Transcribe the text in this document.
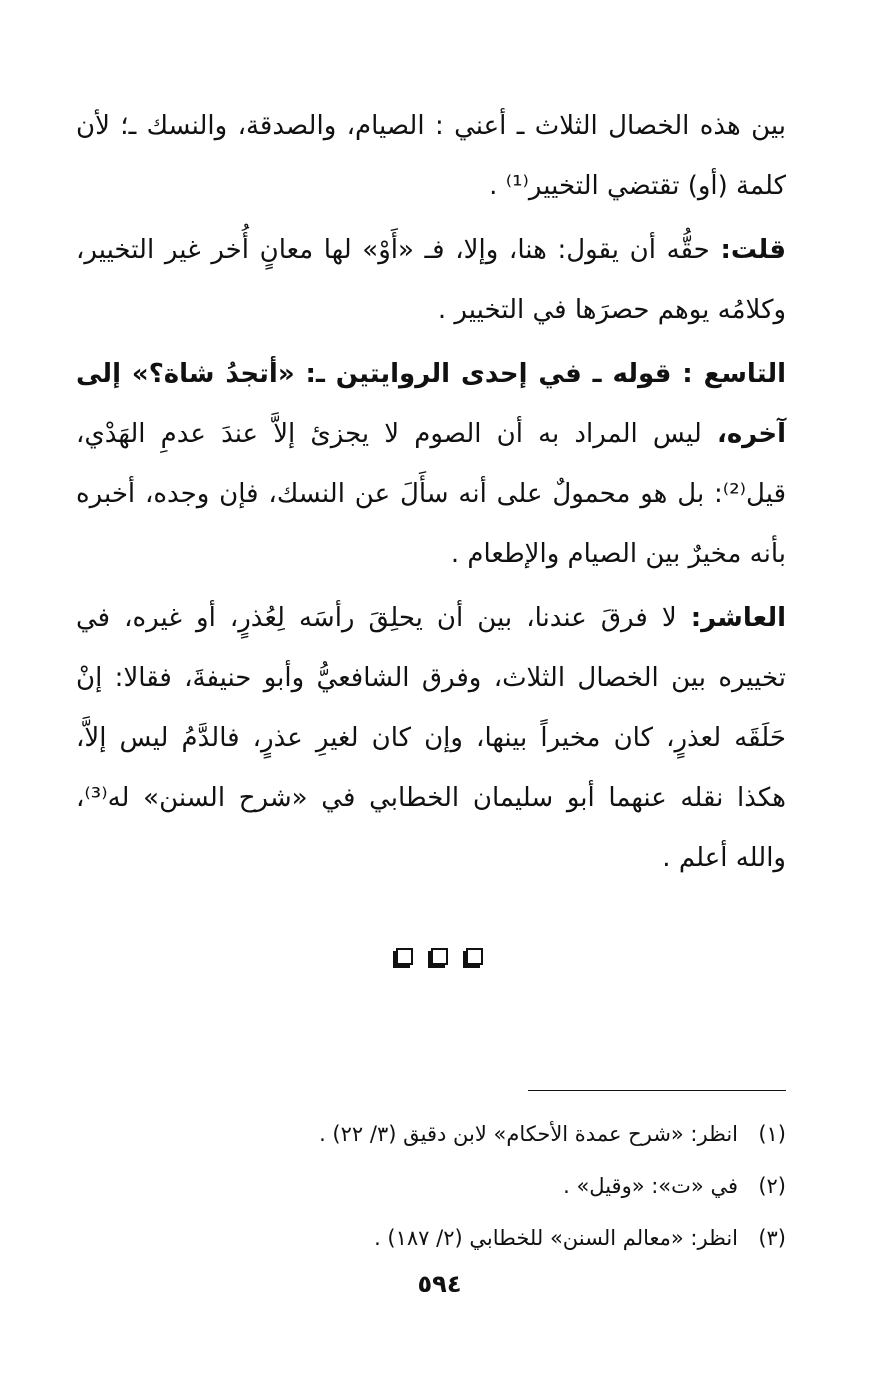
بين هذه الخصال الثلاث ـ أعني : الصيام، والصدقة، والنسك ـ؛ لأن كلمة (أو) تقتضي التخيير⁽¹⁾ .

قلت: حقُّه أن يقول: هنا، وإلا، فـ «أَوْ» لها معانٍ أُخر غير التخيير، وكلامُه يوهم حصرَها في التخيير .

التاسع : قوله ـ في إحدى الروايتين ـ: «أتجدُ شاة؟» إلى آخره، ليس المراد به أن الصوم لا يجزئ إلاَّ عندَ عدمِ الهَدْي، قيل⁽²⁾: بل هو محمولٌ على أنه سأَلَ عن النسك، فإن وجده، أخبره بأنه مخيرٌ بين الصيام والإطعام .

العاشر: لا فرقَ عندنا، بين أن يحلِقَ رأسَه لِعُذرٍ، أو غيره، في تخييره بين الخصال الثلاث، وفرق الشافعيُّ وأبو حنيفةَ، فقالا: إنْ حَلَقَه لعذرٍ، كان مخيراً بينها، وإن كان لغيرِ عذرٍ، فالدَّمُ ليس إلاَّ، هكذا نقله عنهما أبو سليمان الخطابي في «شرح السنن» له⁽³⁾، والله أعلم .

(١)
انظر: «شرح عمدة الأحكام» لابن دقيق (٣/ ٢٢) .
(٢)
في «ت»: «وقيل» .
(٣)
انظر: «معالم السنن» للخطابي (٢/ ١٨٧) .
٥٩٤
